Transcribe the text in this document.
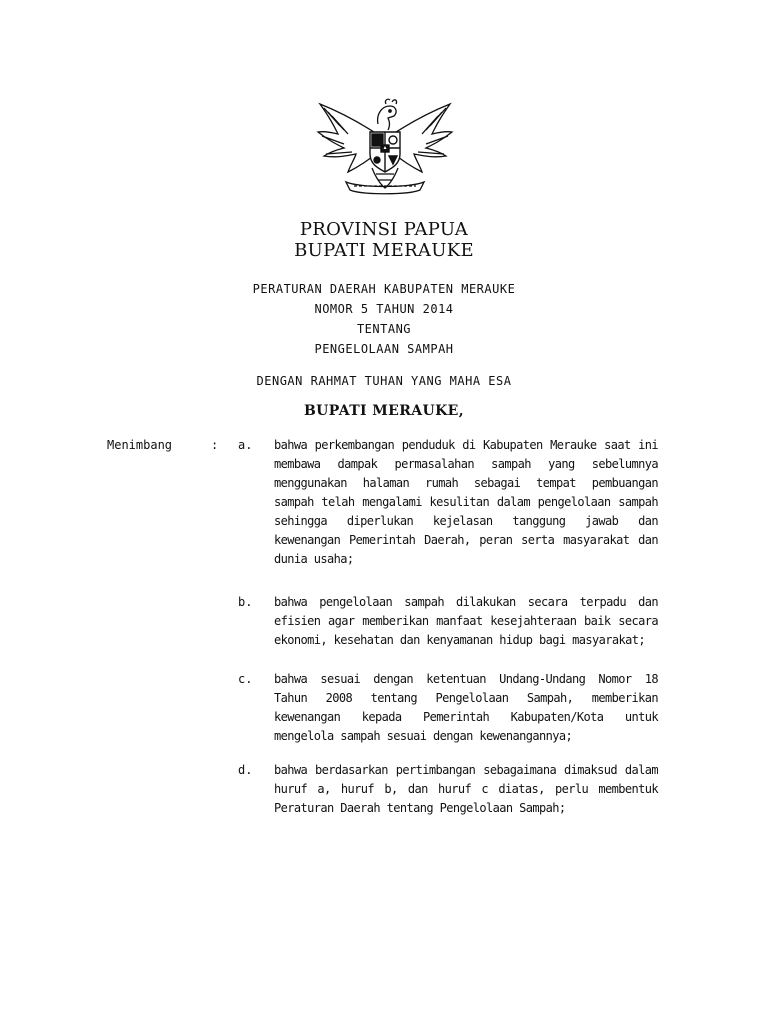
PROVINSI PAPUA
BUPATI MERAUKE
PERATURAN DAERAH KABUPATEN MERAUKE
NOMOR 5 TAHUN 2014
TENTANG
PENGELOLAAN SAMPAH
DENGAN RAHMAT TUHAN YANG MAHA ESA
BUPATI MERAUKE,
Menimbang	: a. bahwa perkembangan penduduk di Kabupaten Merauke saat ini membawa dampak permasalahan sampah yang sebelumnya menggunakan halaman rumah sebagai tempat pembuangan sampah telah mengalami kesulitan dalam pengelolaan sampah sehingga diperlukan kejelasan tanggung jawab dan kewenangan Pemerintah Daerah, peran serta masyarakat dan dunia usaha;
b. bahwa pengelolaan sampah dilakukan secara terpadu dan efisien agar memberikan manfaat kesejahteraan baik secara ekonomi, kesehatan dan kenyamanan hidup bagi masyarakat;
c. bahwa sesuai dengan ketentuan Undang-Undang Nomor 18 Tahun 2008 tentang Pengelolaan Sampah, memberikan kewenangan kepada Pemerintah Kabupaten/Kota untuk mengelola sampah sesuai dengan kewenangannya;
d. bahwa berdasarkan pertimbangan sebagaimana dimaksud dalam huruf a, huruf b, dan huruf c diatas, perlu membentuk Peraturan Daerah tentang Pengelolaan Sampah;
